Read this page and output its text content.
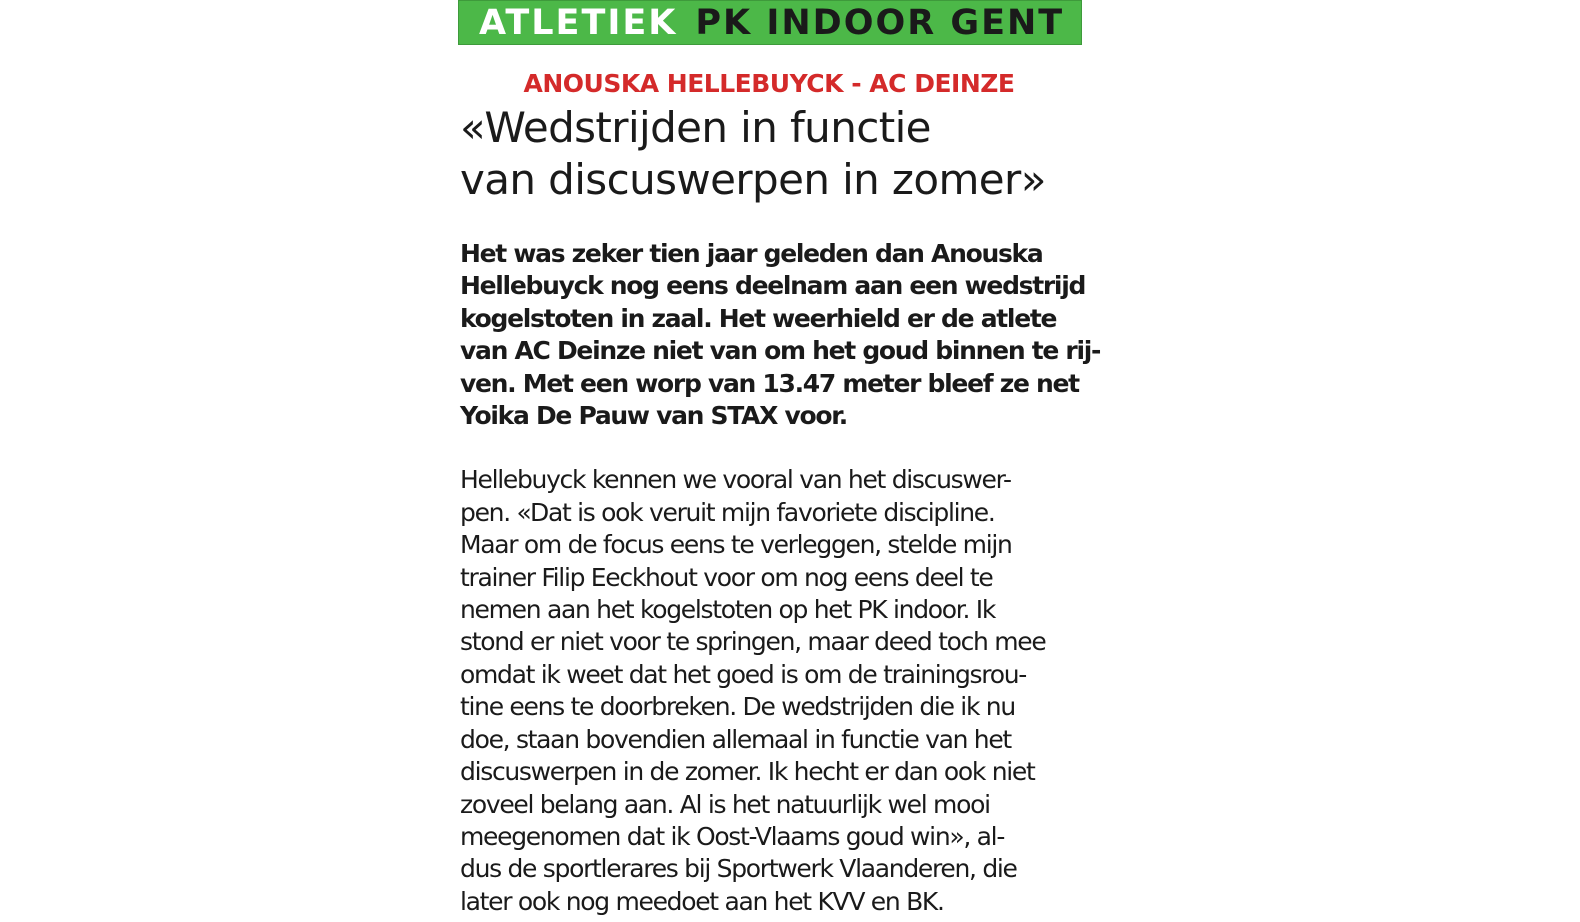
ATLETIEK PK INDOOR GENT
ANOUSKA HELLEBUYCK - AC DEINZE
«Wedstrijden in functie
van discuswerpen in zomer»
Het was zeker tien jaar geleden dan Anouska
Hellebuyck nog eens deelnam aan een wedstrijd
kogelstoten in zaal. Het weerhield er de atlete
van AC Deinze niet van om het goud binnen te rij-
ven. Met een worp van 13.47 meter bleef ze net
Yoika De Pauw van STAX voor.
Hellebuyck kennen we vooral van het discuswer-
pen. «Dat is ook veruit mijn favoriete discipline.
Maar om de focus eens te verleggen, stelde mijn
trainer Filip Eeckhout voor om nog eens deel te
nemen aan het kogelstoten op het PK indoor. Ik
stond er niet voor te springen, maar deed toch mee
omdat ik weet dat het goed is om de trainingsrou-
tine eens te doorbreken. De wedstrijden die ik nu
doe, staan bovendien allemaal in functie van het
discuswerpen in de zomer. Ik hecht er dan ook niet
zoveel belang aan. Al is het natuurlijk wel mooi
meegenomen dat ik Oost-Vlaams goud win», al-
dus de sportlerares bij Sportwerk Vlaanderen, die
later ook nog meedoet aan het KVV en BK.
